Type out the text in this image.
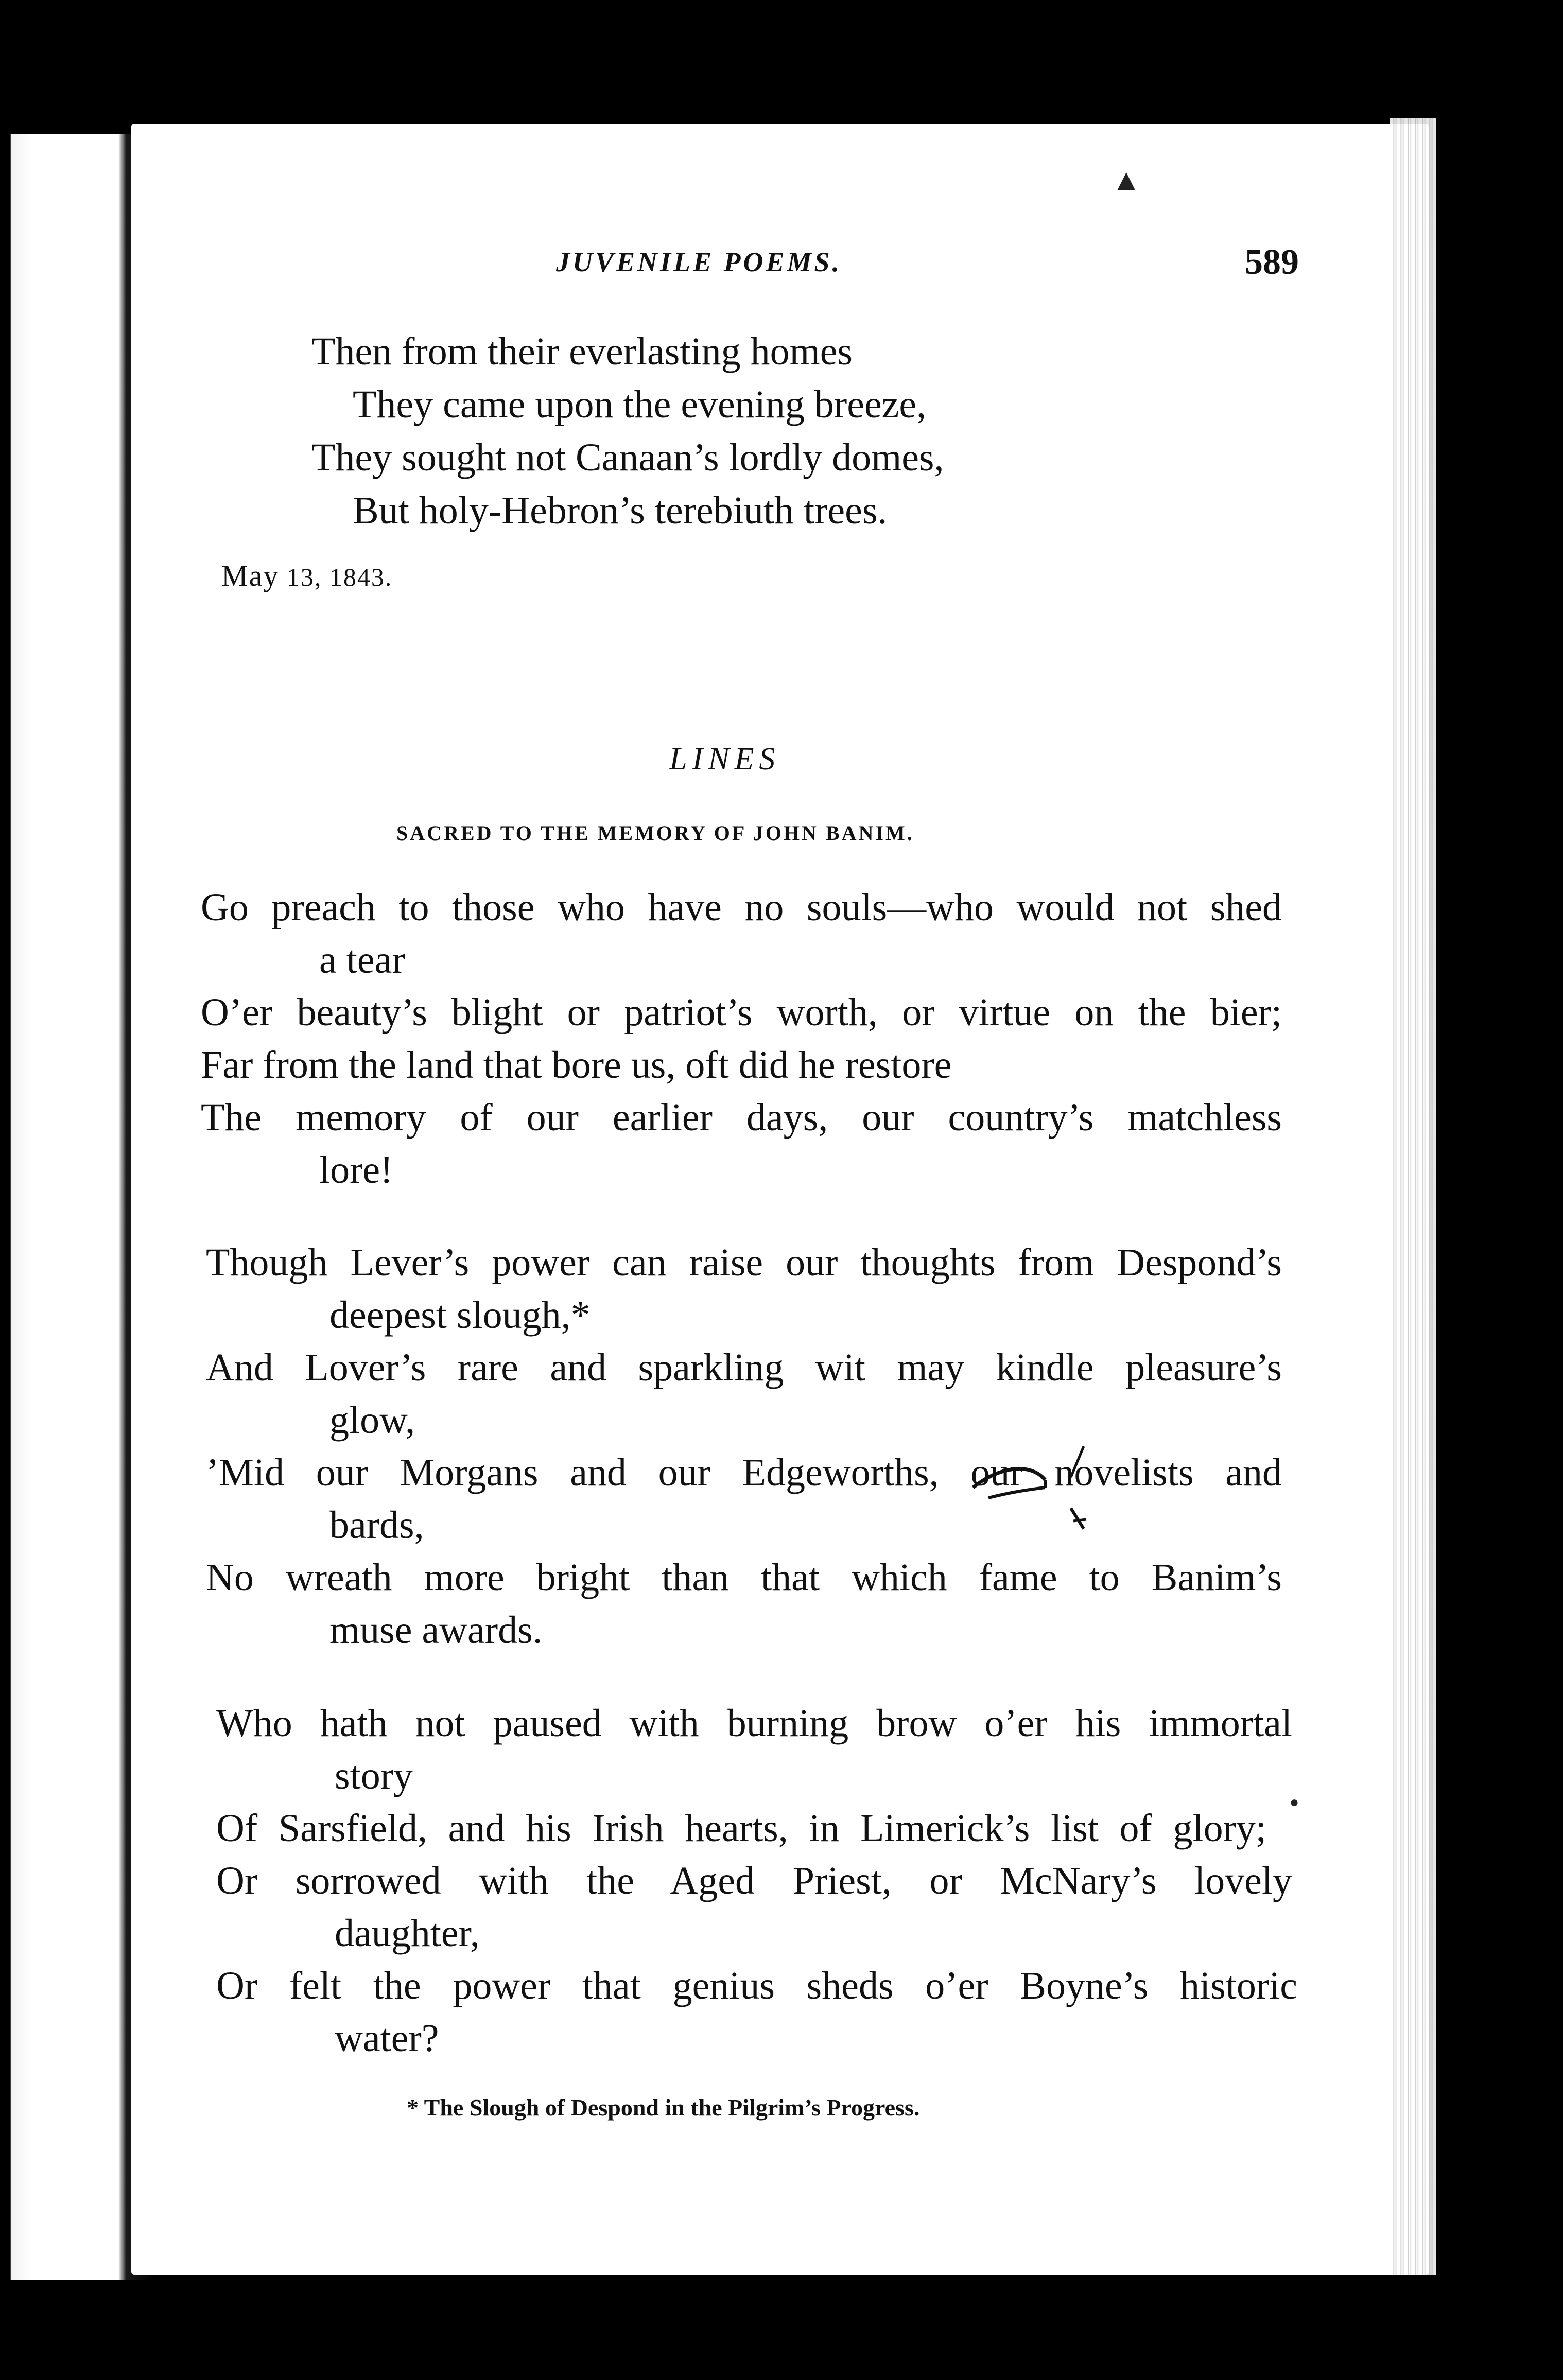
JUVENILE POEMS.	589
Then from their everlasting homes
They came upon the evening breeze,
They sought not Canaan’s lordly domes,
But holy-Hebron’s terebiuth trees.
May 13, 1843.
LINES
SACRED TO THE MEMORY OF JOHN BANIM.
Go preach to those who have no souls—who would not shed
a tear
O’er beauty’s blight or patriot’s worth, or virtue on the bier;
Far from the land that bore us, oft did he restore
The memory of our earlier days, our country’s matchless
lore!
Though Lever’s power can raise our thoughts from Despond’s
deepest slough,*
And Lover’s rare and sparkling wit may kindle pleasure’s
glow,
’Mid our Morgans and our Edgeworths, our novelists and
bards,
No wreath more bright than that which fame to Banim’s
muse awards.
Who hath not paused with burning brow o’er his immortal
story
Of Sarsfield, and his Irish hearts, in Limerick’s list of glory;
Or sorrowed with the Aged Priest, or McNary’s lovely
daughter,
Or felt the power that genius sheds o’er Boyne’s historic
water?
* The Slough of Despond in the Pilgrim’s Progress.
▲
●
